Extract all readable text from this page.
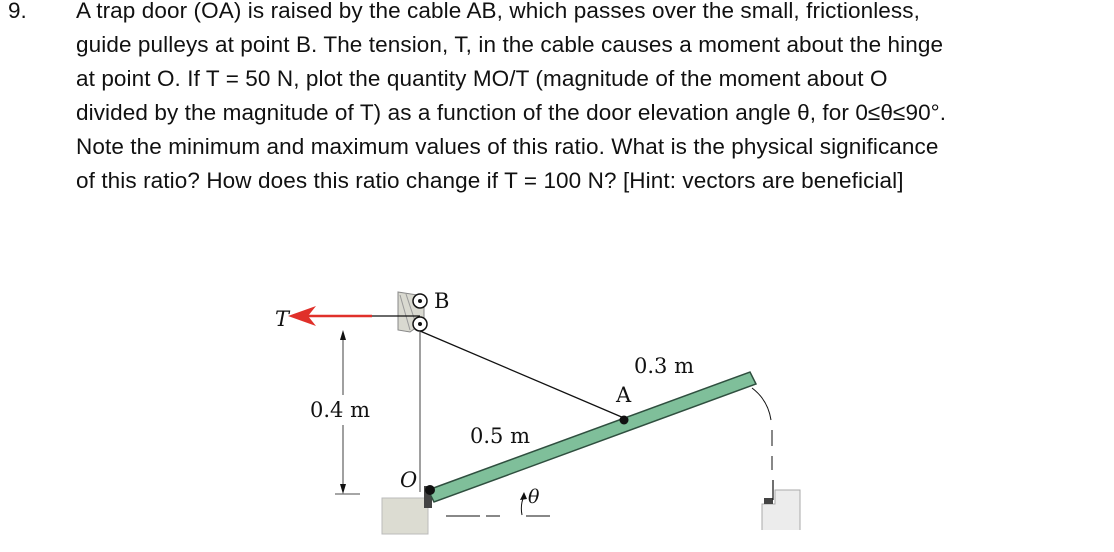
9. A trap door (OA) is raised by the cable AB, which passes over the small, frictionless,
guide pulleys at point B. The tension, T, in the cable causes a moment about the hinge
at point O. If T = 50 N, plot the quantity MO/T (magnitude of the moment about O
divided by the magnitude of T) as a function of the door elevation angle θ, for 0≤θ≤90°.
Note the minimum and maximum values of this ratio. What is the physical significance
of this ratio? How does this ratio change if T = 100 N? [Hint: vectors are beneficial]
T
B
A
O
θ
0.4 m
0.5 m
0.3 m
